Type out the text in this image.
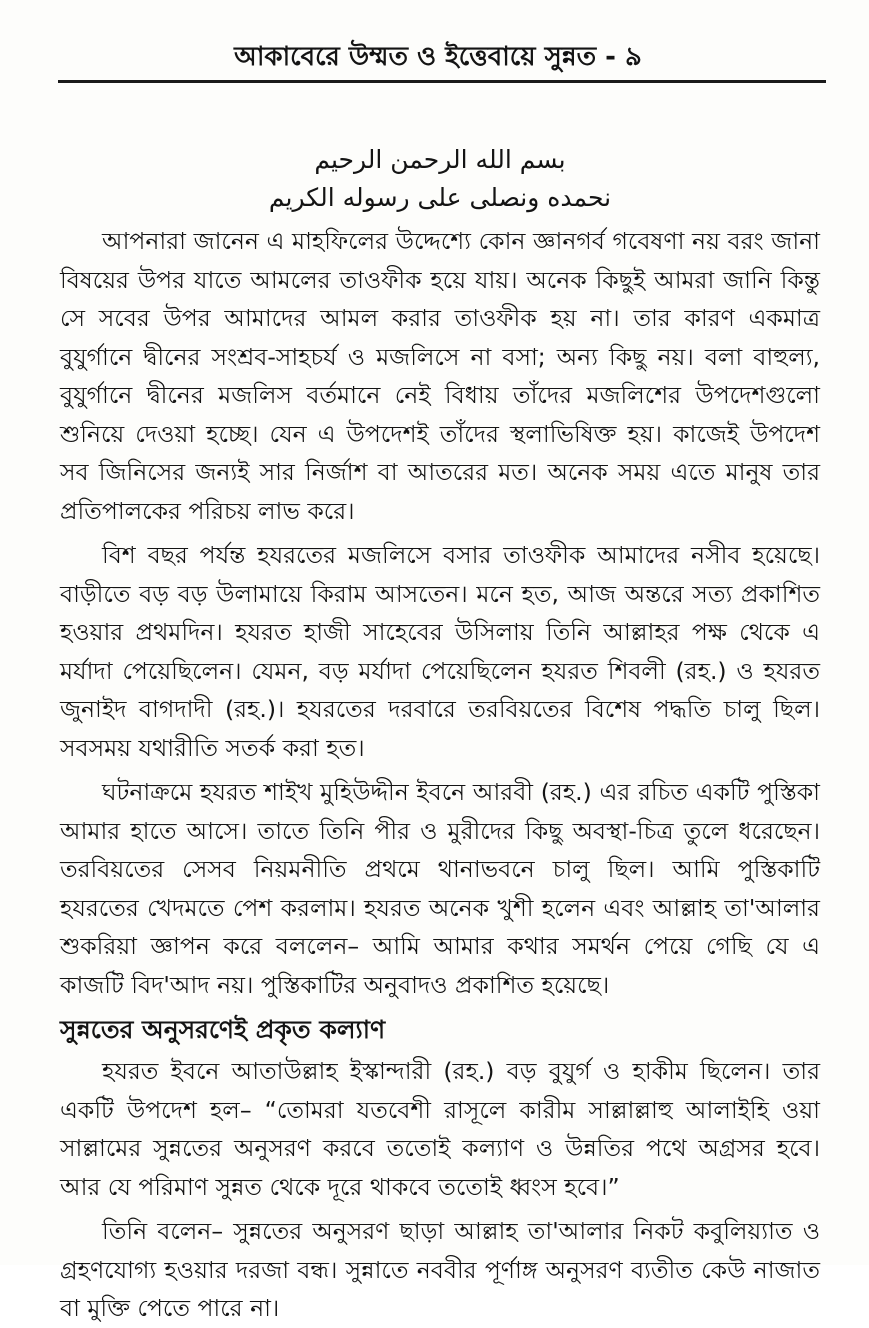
আকাবেরে উম্মত ও ইত্তেবায়ে সুন্নত - ৯
بسم الله الرحمن الرحيم
نحمده ونصلى على رسوله الكريم

আপনারা জানেন এ মাহফিলের উদ্দেশ্যে কোন জ্ঞানগর্ব গবেষণা নয় বরং জানা বিষয়ের উপর যাতে আমলের তাওফীক হয়ে যায়। অনেক কিছুই আমরা জানি কিন্তু সে সবের উপর আমাদের আমল করার তাওফীক হয় না। তার কারণ একমাত্র বুযুর্গানে দ্বীনের সংশ্রব-সাহচর্য ও মজলিসে না বসা; অন্য কিছু নয়। বলা বাহুল্য, বুযুর্গানে দ্বীনের মজলিস বর্তমানে নেই বিধায় তাঁদের মজলিশের উপদেশগুলো শুনিয়ে দেওয়া হচ্ছে। যেন এ উপদেশই তাঁদের স্থলাভিষিক্ত হয়। কাজেই উপদেশ সব জিনিসের জন্যই সার নির্জাশ বা আতরের মত। অনেক সময় এতে মানুষ তার প্রতিপালকের পরিচয় লাভ করে।

বিশ বছর পর্যন্ত হযরতের মজলিসে বসার তাওফীক আমাদের নসীব হয়েছে। বাড়ীতে বড় বড় উলামায়ে কিরাম আসতেন। মনে হত, আজ অন্তরে সত্য প্রকাশিত হওয়ার প্রথমদিন। হযরত হাজী সাহেবের উসিলায় তিনি আল্লাহর পক্ষ থেকে এ মর্যাদা পেয়েছিলেন। যেমন, বড় মর্যাদা পেয়েছিলেন হযরত শিবলী (রহ.) ও হযরত জুনাইদ বাগদাদী (রহ.)। হযরতের দরবারে তরবিয়তের বিশেষ পদ্ধতি চালু ছিল। সবসময় যথারীতি সতর্ক করা হত।

ঘটনাক্রমে হযরত শাইখ মুহিউদ্দীন ইবনে আরবী (রহ.) এর রচিত একটি পুস্তিকা আমার হাতে আসে। তাতে তিনি পীর ও মুরীদের কিছু অবস্থা-চিত্র তুলে ধরেছেন। তরবিয়তের সেসব নিয়মনীতি প্রথমে থানাভবনে চালু ছিল। আমি পুস্তিকাটি হযরতের খেদমতে পেশ করলাম। হযরত অনেক খুশী হলেন এবং আল্লাহ তা'আলার শুকরিয়া জ্ঞাপন করে বললেন– আমি আমার কথার সমর্থন পেয়ে গেছি যে এ কাজটি বিদ'আদ নয়। পুস্তিকাটির অনুবাদও প্রকাশিত হয়েছে।

সুন্নতের অনুসরণেই প্রকৃত কল্যাণ

হযরত ইবনে আতাউল্লাহ ইস্কান্দারী (রহ.) বড় বুযুর্গ ও হাকীম ছিলেন। তার একটি উপদেশ হল– “তোমরা যতবেশী রাসূলে কারীম সাল্লাল্লাহু আলাইহি ওয়া সাল্লামের সুন্নতের অনুসরণ করবে ততোই কল্যাণ ও উন্নতির পথে অগ্রসর হবে। আর যে পরিমাণ সুন্নত থেকে দূরে থাকবে ততোই ধ্বংস হবে।”

তিনি বলেন– সুন্নতের অনুসরণ ছাড়া আল্লাহ তা'আলার নিকট কবুলিয়্যাত ও গ্রহণযোগ্য হওয়ার দরজা বন্ধ। সুন্নাতে নববীর পূর্ণাঙ্গ অনুসরণ ব্যতীত কেউ নাজাত বা মুক্তি পেতে পারে না।
